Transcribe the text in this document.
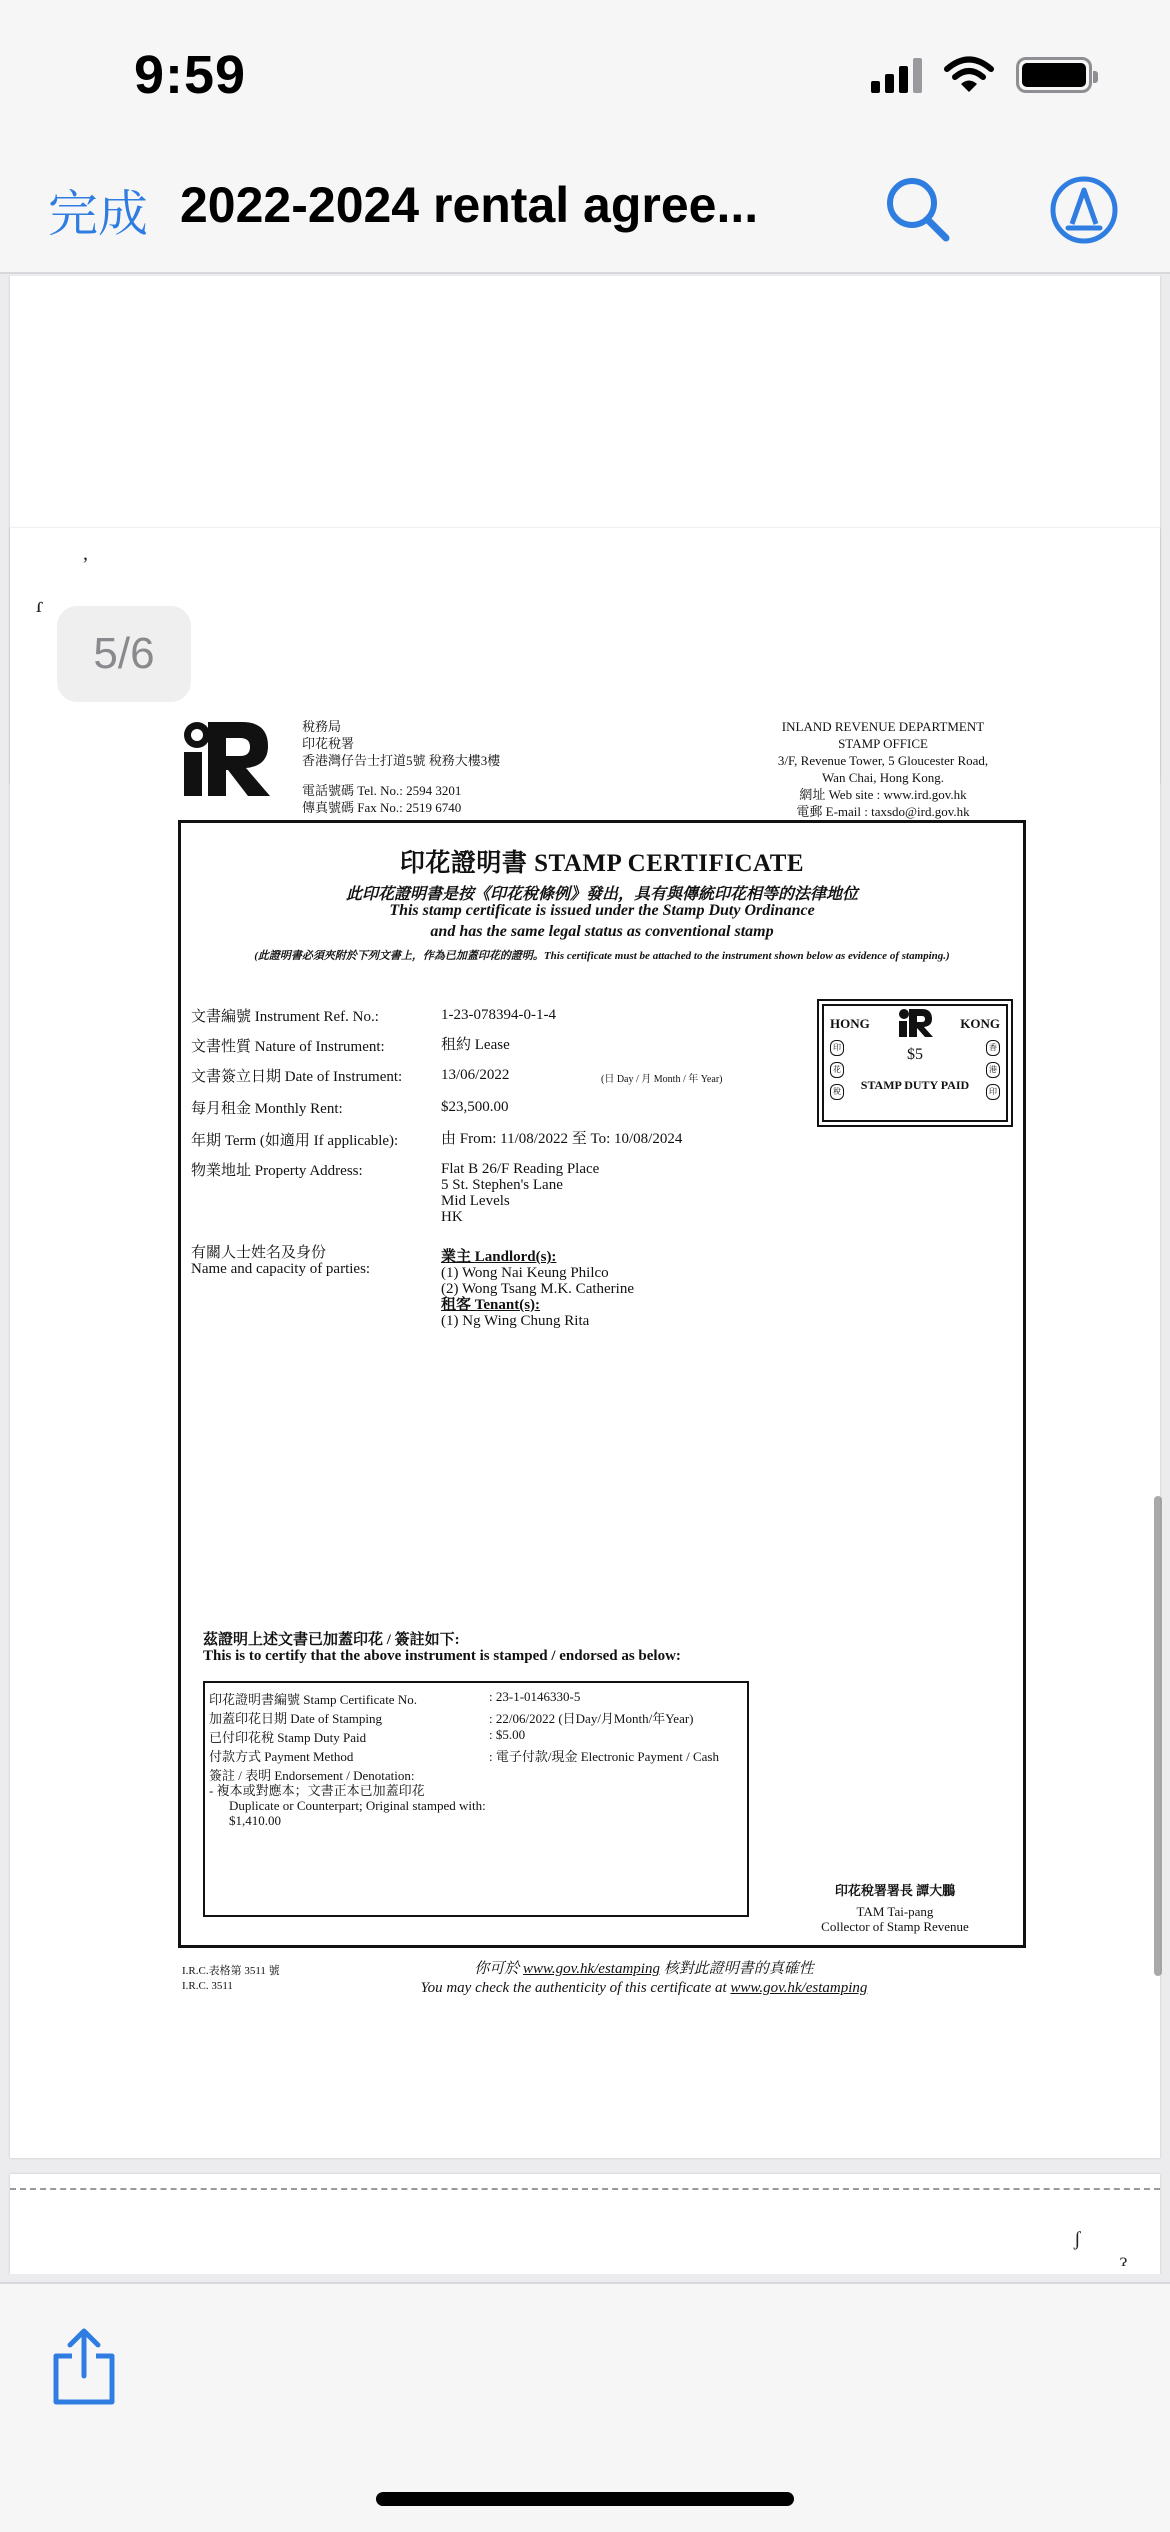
9:59
完成 2022-2024 rental agree...
ʼ
ɾ
稅務局
印花稅署
香港灣仔告士打道5號 稅務大樓3樓
電話號碼 Tel. No.: 2594 3201
傳真號碼 Fax No.: 2519 6740
INLAND REVENUE DEPARTMENT
STAMP OFFICE
3/F, Revenue Tower, 5 Gloucester Road,
Wan Chai, Hong Kong.
網址 Web site : www.ird.gov.hk
電郵 E-mail : taxsdo@ird.gov.hk
印花證明書 STAMP CERTIFICATE
此印花證明書是按《印花稅條例》發出，具有與傳統印花相等的法律地位
This stamp certificate is issued under the Stamp Duty Ordinance
and has the same legal status as conventional stamp
(此證明書必須夾附於下列文書上，作為已加蓋印花的證明。This certificate must be attached to the instrument shown below as evidence of stamping.)
文書編號 Instrument Ref. No.:	1-23-078394-0-1-4
文書性質 Nature of Instrument:	租約 Lease
文書簽立日期 Date of Instrument:	13/06/2022	(日 Day / 月 Month / 年 Year)
每月租金 Monthly Rent:	$23,500.00
年期 Term (如適用 If applicable):	由 From: 11/08/2022 至 To: 10/08/2024
物業地址 Property Address:	Flat B 26/F Reading Place
5 St. Stephen's Lane
Mid Levels
HK
有關人士姓名及身份
Name and capacity of parties:
業主 Landlord(s):
(1) Wong Nai Keung Philco
(2) Wong Tsang M.K. Catherine
租客 Tenant(s):
(1) Ng Wing Chung Rita
HONG	KONG
$5
STAMP DUTY PAID
印
花
稅
香
港
印
茲證明上述文書已加蓋印花 / 簽註如下:
This is to certify that the above instrument is stamped / endorsed as below:
印花證明書編號 Stamp Certificate No.	: 23-1-0146330-5
加蓋印花日期 Date of Stamping	: 22/06/2022 (日Day/月Month/年Year)
已付印花稅 Stamp Duty Paid	: $5.00
付款方式 Payment Method	: 電子付款/現金 Electronic Payment / Cash
簽註 / 表明 Endorsement / Denotation:
- 複本或對應本；文書正本已加蓋印花
Duplicate or Counterpart; Original stamped with:
$1,410.00
印花稅署署長 譚大鵬
TAM Tai-pang
Collector of Stamp Revenue
I.R.C.表格第 3511 號
I.R.C. 3511
你可於 www.gov.hk/estamping 核對此證明書的真確性
You may check the authenticity of this certificate at www.gov.hk/estamping
ʃ
ɂ
5/6
